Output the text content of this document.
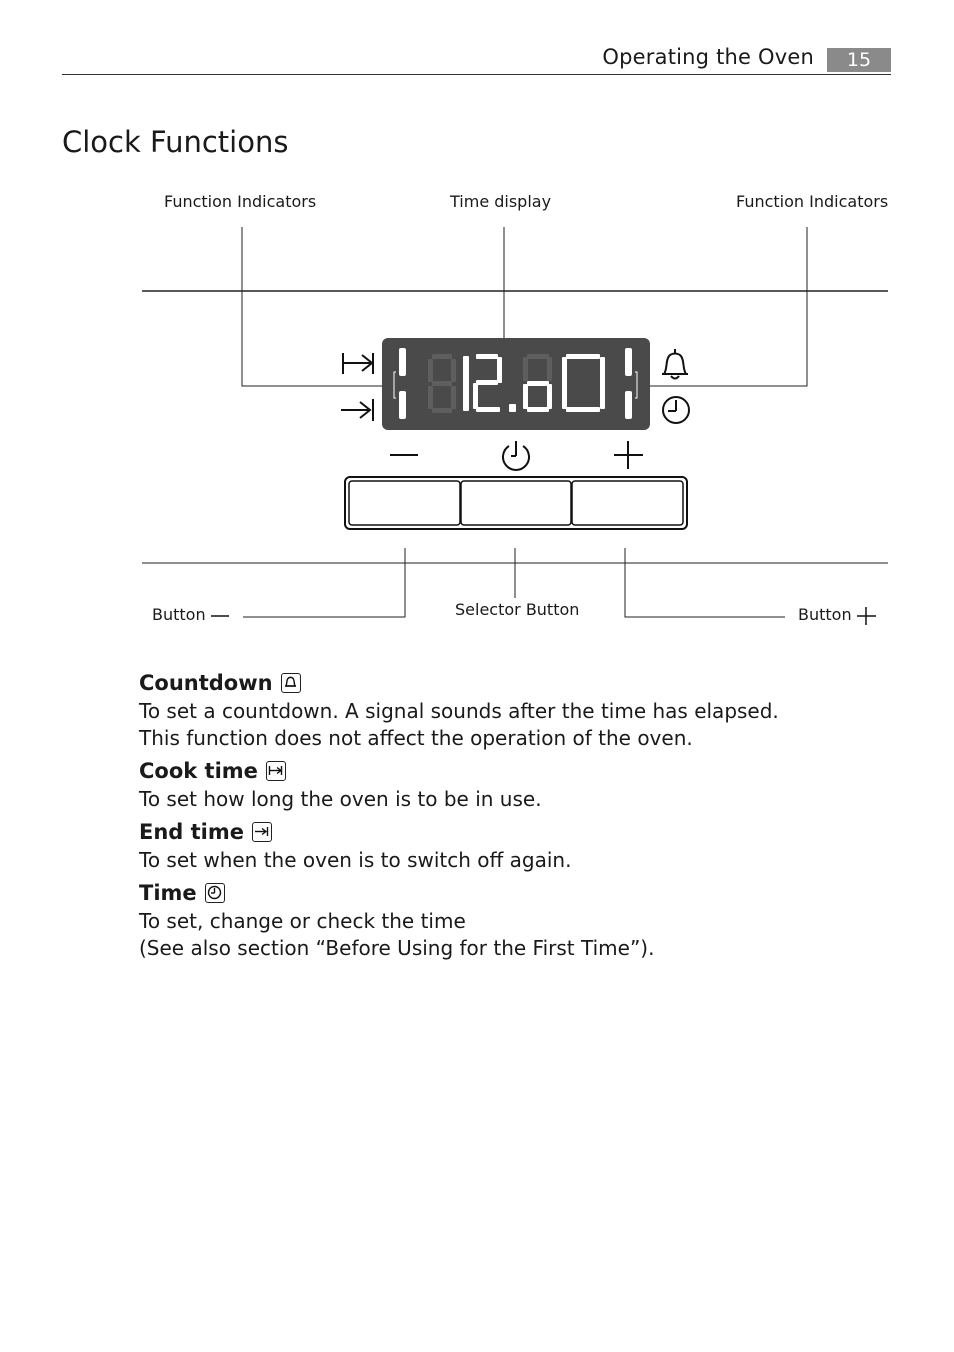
Operating the Oven	15
Clock Functions
Function Indicators	Time display	Function Indicators
Button	Selector Button	Button
Countdown
To set a countdown. A signal sounds after the time has elapsed.
This function does not affect the operation of the oven.
Cook time
To set how long the oven is to be in use.
End time
To set when the oven is to switch off again.
Time
To set, change or check the time
(See also section “Before Using for the First Time”).
